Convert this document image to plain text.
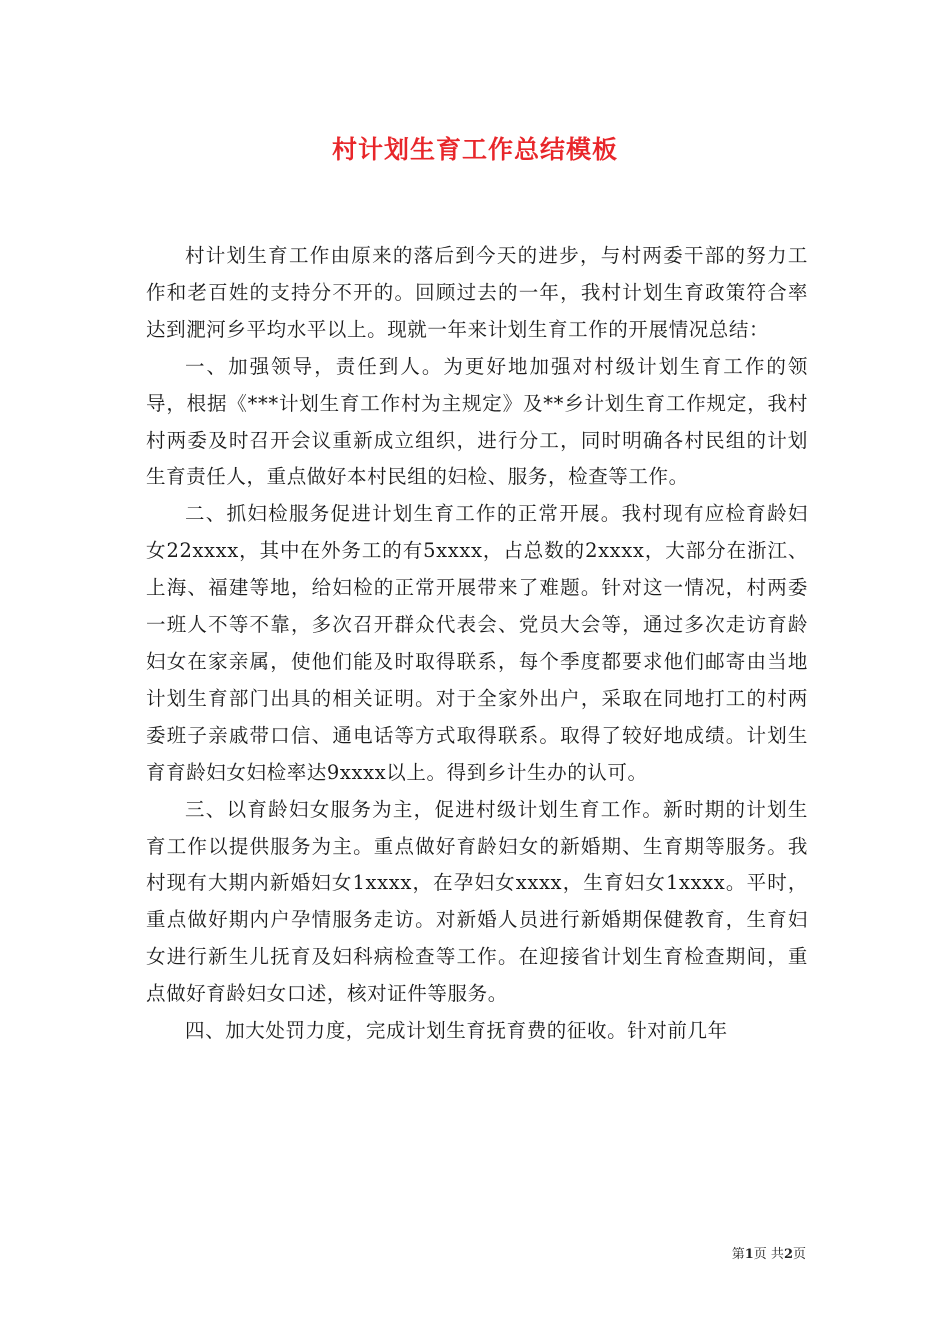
村计划生育工作总结模板

村计划生育工作由原来的落后到今天的进步，与村两委干部的努力工作和老百姓的支持分不开的。回顾过去的一年，我村计划生育政策符合率达到淝河乡平均水平以上。现就一年来计划生育工作的开展情况总结：

一、加强领导，责任到人。为更好地加强对村级计划生育工作的领导，根据《***计划生育工作村为主规定》及**乡计划生育工作规定，我村村两委及时召开会议重新成立组织，进行分工，同时明确各村民组的计划生育责任人，重点做好本村民组的妇检、服务，检查等工作。

二、抓妇检服务促进计划生育工作的正常开展。我村现有应检育龄妇女22xxxx，其中在外务工的有5xxxx，占总数的2xxxx，大部分在浙江、上海、福建等地，给妇检的正常开展带来了难题。针对这一情况，村两委一班人不等不靠，多次召开群众代表会、党员大会等，通过多次走访育龄妇女在家亲属，使他们能及时取得联系，每个季度都要求他们邮寄由当地计划生育部门出具的相关证明。对于全家外出户，采取在同地打工的村两委班子亲戚带口信、通电话等方式取得联系。取得了较好地成绩。计划生育育龄妇女妇检率达9xxxx以上。得到乡计生办的认可。

三、以育龄妇女服务为主，促进村级计划生育工作。新时期的计划生育工作以提供服务为主。重点做好育龄妇女的新婚期、生育期等服务。我村现有大期内新婚妇女1xxxx，在孕妇女xxxx，生育妇女1xxxx。平时，重点做好期内户孕情服务走访。对新婚人员进行新婚期保健教育，生育妇女进行新生儿抚育及妇科病检查等工作。在迎接省计划生育检查期间，重点做好育龄妇女口述，核对证件等服务。

四、加大处罚力度，完成计划生育抚育费的征收。针对前几年

第1页 共2页
